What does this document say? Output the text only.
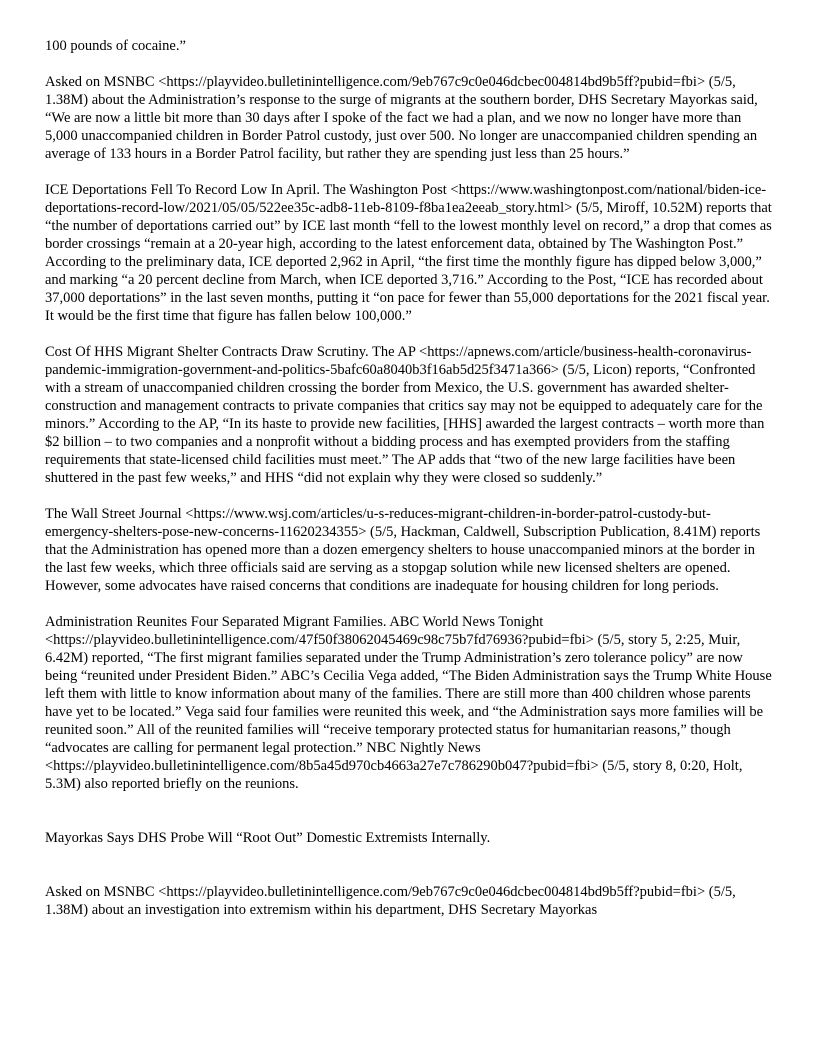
100 pounds of cocaine.”

Asked on MSNBC <https://playvideo.bulletinintelligence.com/9eb767c9c0e046dcbec004814bd9b5ff?pubid=fbi> (5/5, 1.38M) about the Administration’s response to the surge of migrants at the southern border, DHS Secretary Mayorkas said, “We are now a little bit more than 30 days after I spoke of the fact we had a plan, and we now no longer have more than 5,000 unaccompanied children in Border Patrol custody, just over 500. No longer are unaccompanied children spending an average of 133 hours in a Border Patrol facility, but rather they are spending just less than 25 hours.”

ICE Deportations Fell To Record Low In April. The Washington Post <https://www.washingtonpost.com/national/biden-ice-deportations-record-low/2021/05/05/522ee35c-adb8-11eb-8109-f8ba1ea2eeab_story.html> (5/5, Miroff, 10.52M) reports that “the number of deportations carried out” by ICE last month “fell to the lowest monthly level on record,” a drop that comes as border crossings “remain at a 20-year high, according to the latest enforcement data, obtained by The Washington Post.” According to the preliminary data, ICE deported 2,962 in April, “the first time the monthly figure has dipped below 3,000,” and marking “a 20 percent decline from March, when ICE deported 3,716.” According to the Post, “ICE has recorded about 37,000 deportations” in the last seven months, putting it “on pace for fewer than 55,000 deportations for the 2021 fiscal year. It would be the first time that figure has fallen below 100,000.”

Cost Of HHS Migrant Shelter Contracts Draw Scrutiny. The AP <https://apnews.com/article/business-health-coronavirus-pandemic-immigration-government-and-politics-5bafc60a8040b3f16ab5d25f3471a366> (5/5, Licon) reports, “Confronted with a stream of unaccompanied children crossing the border from Mexico, the U.S. government has awarded shelter-construction and management contracts to private companies that critics say may not be equipped to adequately care for the minors.” According to the AP, “In its haste to provide new facilities, [HHS] awarded the largest contracts – worth more than $2 billion – to two companies and a nonprofit without a bidding process and has exempted providers from the staffing requirements that state-licensed child facilities must meet.” The AP adds that “two of the new large facilities have been shuttered in the past few weeks,” and HHS “did not explain why they were closed so suddenly.”

The Wall Street Journal <https://www.wsj.com/articles/u-s-reduces-migrant-children-in-border-patrol-custody-but-emergency-shelters-pose-new-concerns-11620234355> (5/5, Hackman, Caldwell, Subscription Publication, 8.41M) reports that the Administration has opened more than a dozen emergency shelters to house unaccompanied minors at the border in the last few weeks, which three officials said are serving as a stopgap solution while new licensed shelters are opened. However, some advocates have raised concerns that conditions are inadequate for housing children for long periods.

Administration Reunites Four Separated Migrant Families. ABC World News Tonight <https://playvideo.bulletinintelligence.com/47f50f38062045469c98c75b7fd76936?pubid=fbi> (5/5, story 5, 2:25, Muir, 6.42M) reported, “The first migrant families separated under the Trump Administration’s zero tolerance policy” are now being “reunited under President Biden.” ABC’s Cecilia Vega added, “The Biden Administration says the Trump White House left them with little to know information about many of the families. There are still more than 400 children whose parents have yet to be located.” Vega said four families were reunited this week, and “the Administration says more families will be reunited soon.” All of the reunited families will “receive temporary protected status for humanitarian reasons,” though “advocates are calling for permanent legal protection.” NBC Nightly News <https://playvideo.bulletinintelligence.com/8b5a45d970cb4663a27e7c786290b047?pubid=fbi> (5/5, story 8, 0:20, Holt, 5.3M) also reported briefly on the reunions.

Mayorkas Says DHS Probe Will “Root Out” Domestic Extremists Internally.

Asked on MSNBC <https://playvideo.bulletinintelligence.com/9eb767c9c0e046dcbec004814bd9b5ff?pubid=fbi> (5/5, 1.38M) about an investigation into extremism within his department, DHS Secretary Mayorkas
